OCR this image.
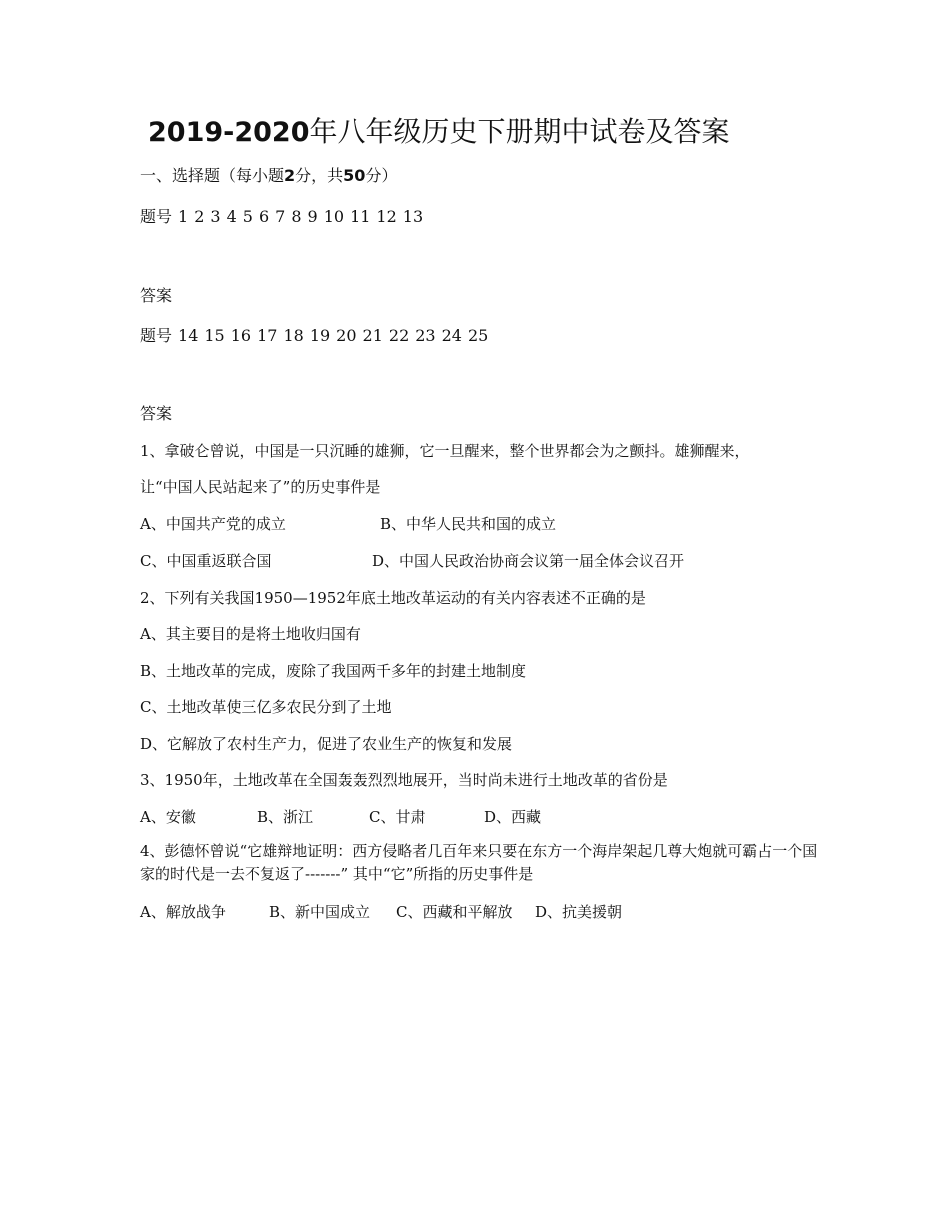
2019-2020年八年级历史下册期中试卷及答案
一、选择题（每小题2分，共50分）
题号 1 2 3 4 5 6 7 8 9 10 11 12 13
答案
题号 14 15 16 17 18 19 20 21 22 23 24 25
答案
1、拿破仑曾说，中国是一只沉睡的雄狮，它一旦醒来，整个世界都会为之颤抖。雄狮醒来，
让“中国人民站起来了”的历史事件是
A、中国共产党的成立	B、中华人民共和国的成立
C、中国重返联合国	D、中国人民政治协商会议第一届全体会议召开
2、下列有关我国1950—1952年底土地改革运动的有关内容表述不正确的是
A、其主要目的是将土地收归国有
B、土地改革的完成，废除了我国两千多年的封建土地制度
C、土地改革使三亿多农民分到了土地
D、它解放了农村生产力，促进了农业生产的恢复和发展
3、1950年，土地改革在全国轰轰烈烈地展开，当时尚未进行土地改革的省份是
A、安徽	B、浙江	C、甘肃	D、西藏
4、彭德怀曾说“它雄辩地证明：西方侵略者几百年来只要在东方一个海岸架起几尊大炮就可霸占一个国家的时代是一去不复返了-------” 其中“它”所指的历史事件是
A、解放战争	B、新中国成立 C、西藏和平解放 D、抗美援朝
